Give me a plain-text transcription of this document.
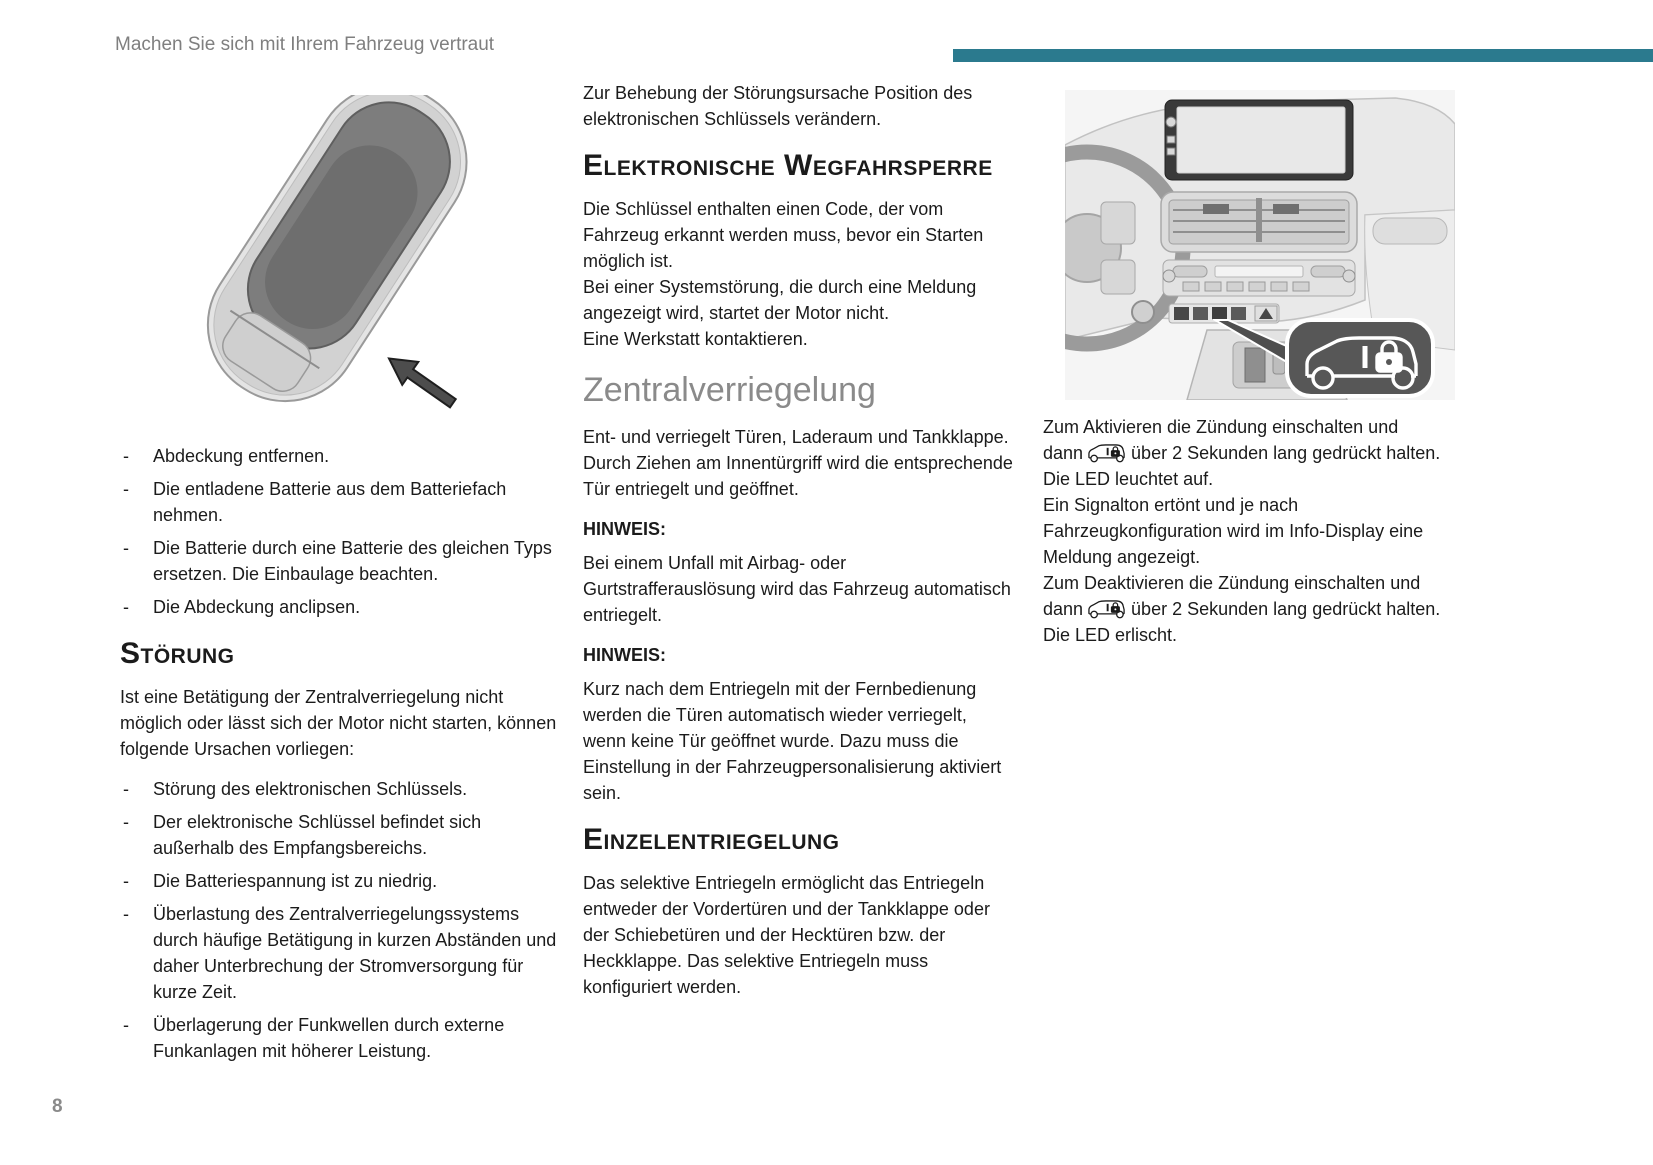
Machen Sie sich mit Ihrem Fahrzeug vertraut
- Abdeckung entfernen.
- Die entladene Batterie aus dem Batteriefach nehmen.
- Die Batterie durch eine Batterie des gleichen Typs ersetzen. Die Einbaulage beachten.
- Die Abdeckung anclipsen.
Störung

Ist eine Betätigung der Zentralverriegelung nicht möglich oder lässt sich der Motor nicht starten, können folgende Ursachen vorliegen:

- Störung des elektronischen Schlüssels.
- Der elektronische Schlüssel befindet sich außerhalb des Empfangsbereichs.
- Die Batteriespannung ist zu niedrig.
- Überlastung des Zentralverriegelungssystems durch häufige Betätigung in kurzen Abständen und daher Unterbrechung der Stromversorgung für kurze Zeit.
- Überlagerung der Funkwellen durch externe Funkanlagen mit höherer Leistung.

Zur Behebung der Störungsursache Position des elektronischen Schlüssels verändern.

Elektronische Wegfahrsperre

Die Schlüssel enthalten einen Code, der vom Fahrzeug erkannt werden muss, bevor ein Starten möglich ist.

Bei einer Systemstörung, die durch eine Meldung angezeigt wird, startet der Motor nicht.

Eine Werkstatt kontaktieren.

Zentralverriegelung

Ent- und verriegelt Türen, Laderaum und Tankklappe.

Durch Ziehen am Innentürgriff wird die entsprechende Tür entriegelt und geöffnet.

HINWEIS:

Bei einem Unfall mit Airbag- oder Gurtstrafferauslösung wird das Fahrzeug automatisch entriegelt.

HINWEIS:

Kurz nach dem Entriegeln mit der Fernbedienung werden die Türen automatisch wieder verriegelt, wenn keine Tür geöffnet wurde. Dazu muss die Einstellung in der Fahrzeugpersonalisierung aktiviert sein.

Einzelentriegelung

Das selektive Entriegeln ermöglicht das Entriegeln entweder der Vordertüren und der Tankklappe oder der Schiebetüren und der Hecktüren bzw. der Heckklappe. Das selektive Entriegeln muss konfiguriert werden.

Zum Aktivieren die Zündung einschalten und

dann	über 2 Sekunden lang gedrückt halten. Die LED leuchtet auf.

Ein Signalton ertönt und je nach Fahrzeugkonfiguration wird im Info-Display eine Meldung angezeigt.

Zum Deaktivieren die Zündung einschalten und

dann	über 2 Sekunden lang gedrückt halten. Die LED erlischt.

8
